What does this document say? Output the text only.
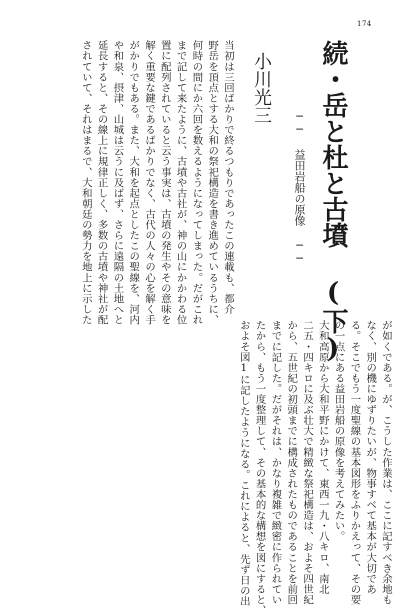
174
続・岳と杜と古墳 (下)
── 益田岩船の原像 ──
小川光三

当初は三回ばかりで終るつもりであったこの連載も、都介

野岳を頂点とする大和の祭祀構造を書き進めているうちに、

何時の間にか六回を数えるようになってしまった。だがこれ

まで記して来たように、古墳や古社が、神の山にかかわる位

置に配列されていると云う事実は、古墳の発生やその意味を

解く重要な鍵であるばかりでなく、古代の人々の心を解く手

がかりでもある。また、大和を起点としたこの聖線を、河内

や和泉、摂津、山城は云うに及ばず、さらに遠隔の土地へと

延長すると、その線上に規律正しく、多数の古墳や神社が配

されていて、それはまるで、大和朝廷の勢力を地上に示した

が如くである。が、こうした作業は、ここに記すべき余地も

なく、別の機にゆずりたいが、物事すべて基本が大切であ

る。そこでもう一度聖線の基本図形をふりかえって、その要

の一点にある益田岩船の原像を考えてみたい。

大和高原から大和平野にかけて、東西一九・八キロ、南北

二五・四キロに及ぶ壮大で精緻な祭祀構造は、およそ四世紀

から、五世紀の初頭までに構成されたものであることを前回

までに記した。だがそれは、かなり複雑で緻密に作られてい

たから、もう一度整理して、その基本的な構想を図にすると、

およそ図1に記したようになる。これによると、先ず日の出
